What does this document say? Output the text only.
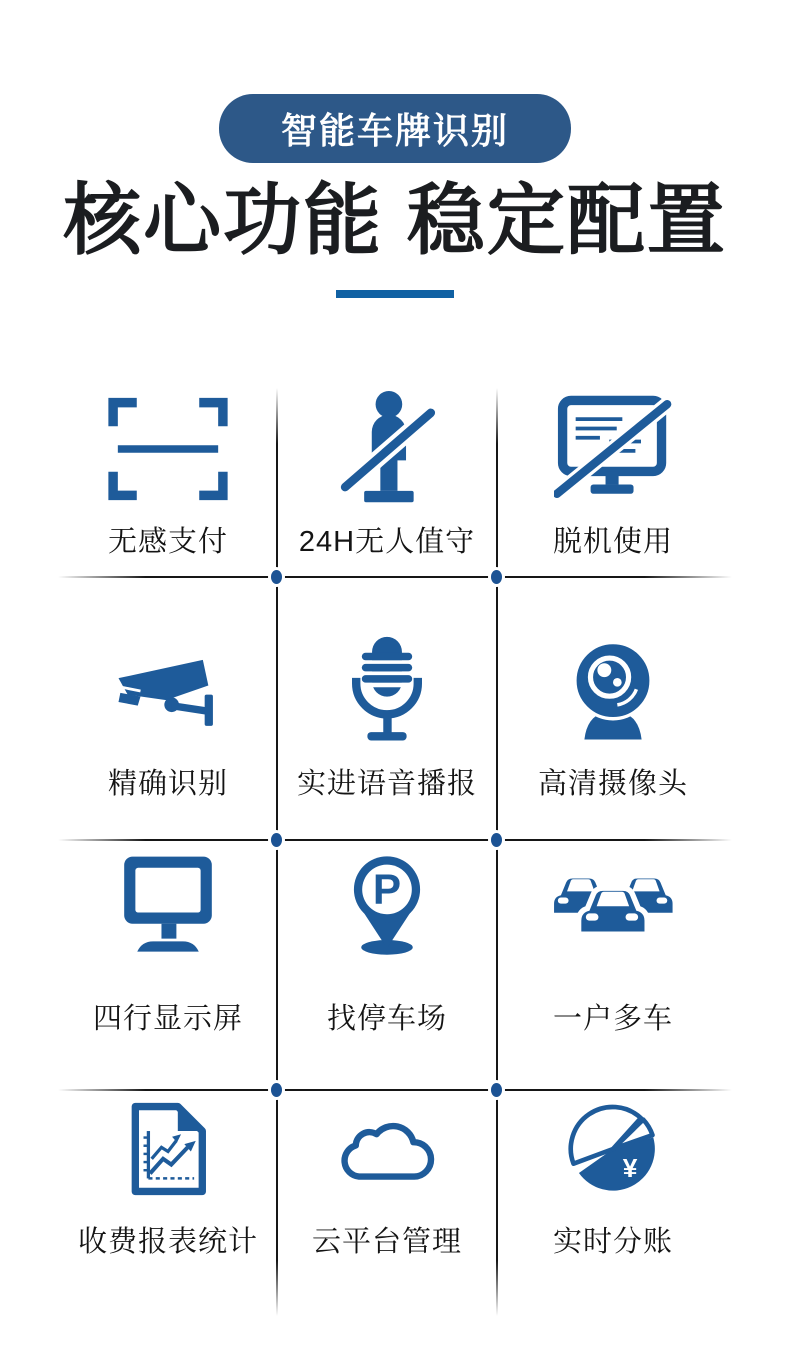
智能车牌识别
核心功能 稳定配置
无感支付 24H无人值守	脱机使用
精确识别 实进语音播报 高清摄像头
四行显示屏
P
找停车场	一户多车
收费报表统计 云平台管理
¥
实时分账
